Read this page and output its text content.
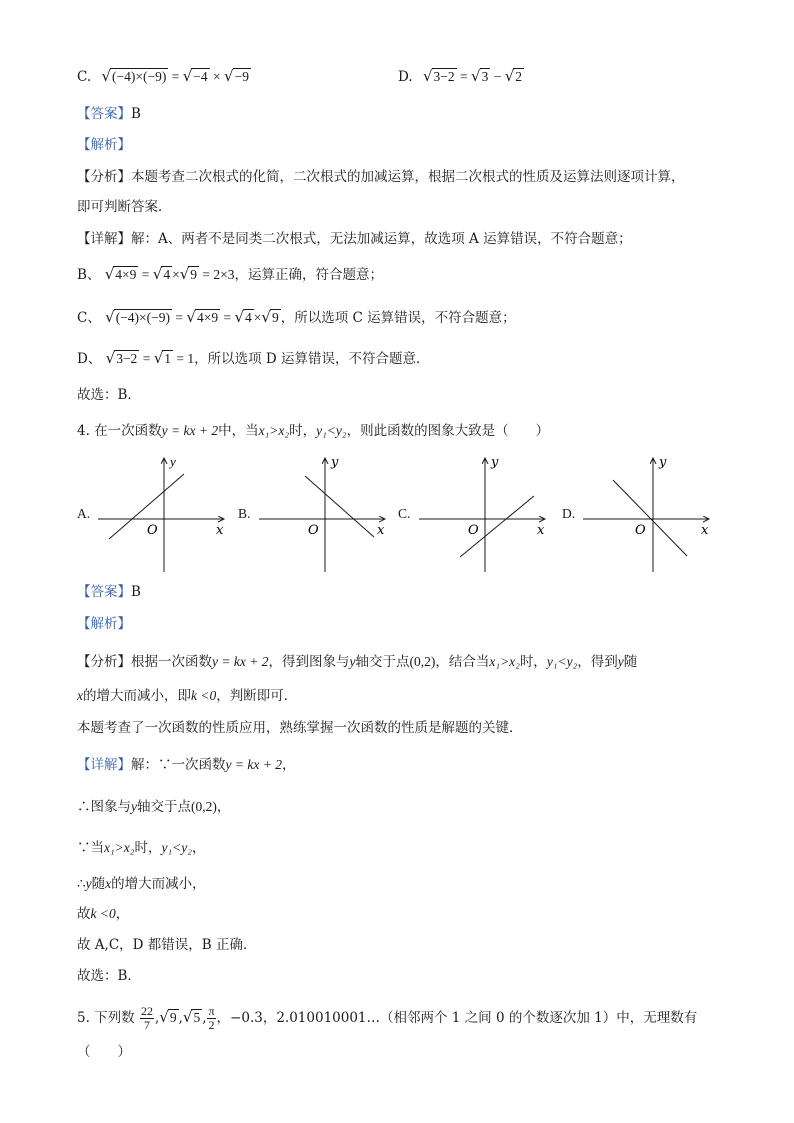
C. √(−4)×(−9) = √−4 × √−9	D. √3−2 = √3 − √2
【答案】B
【解析】
【分析】本题考查二次根式的化简，二次根式的加减运算，根据二次根式的性质及运算法则逐项计算，
即可判断答案．
【详解】解：A、两者不是同类二次根式，无法加减运算，故选项 A 运算错误，不符合题意；
B、 √4×9 = √4 ×√9 = 2×3，运算正确，符合题意；
C、 √(−4)×(−9) = √4×9 = √4 ×√9 ，所以选项 C 运算错误，不符合题意；
D、 √3−2 = √1 = 1，所以选项 D 运算错误，不符合题意．
故选：B．
4. 在一次函数y = kx + 2中，当x₁>x₂时，y₁<y₂，则此函数的图象大致是（　　）
A.	B.	C.	D.
y
x
O
y
x
O
y
x
O
y
x
O
【答案】B
【解析】
【分析】根据一次函数y = kx + 2，得到图象与y轴交于点(0,2)，结合当x₁>x₂时，y₁<y₂，得到y随
x的增大而减小，即k <0，判断即可．
本题考查了一次函数的性质应用，熟练掌握一次函数的性质是解题的关键．
【详解】解：∵一次函数y = kx + 2，
∴图象与y轴交于点(0,2)，
∵当x₁>x₂时，y₁<y₂，
∴y随x的增大而减小，
故k <0，
故 A,C，D 都错误，B 正确．
故选：B．
5. 下列数 $\frac{22}{7} ,√9$ ,√5 , $\frac{\pi}{2}$ ，−0.3，2.010010001…（相邻两个 1 之间 0 的个数逐次加 1）中，无理数有
（　　）
